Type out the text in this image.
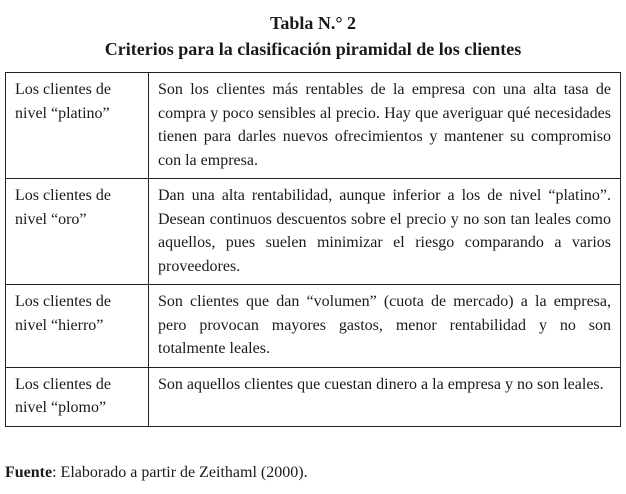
Tabla N.° 2
Criterios para la clasificación piramidal de los clientes
Los clientes de nivel “platino”	Son los clientes más rentables de la empresa con una alta tasa de compra y poco sensibles al precio. Hay que averiguar qué necesidades tienen para darles nuevos ofrecimientos y mantener su compromiso con la empresa.

Los clientes de nivel “oro”	Dan una alta rentabilidad, aunque inferior a los de nivel “platino”. Desean continuos descuentos sobre el precio y no son tan leales como aquellos, pues suelen minimizar el riesgo comparando a varios proveedores.

Los clientes de nivel “hierro”	Son clientes que dan “volumen” (cuota de mercado) a la empresa, pero provocan mayores gastos, menor rentabilidad y no son totalmente leales.

Los clientes de nivel “plomo”	Son aquellos clientes que cuestan dinero a la empresa y no son leales.
Fuente: Elaborado a partir de Zeithaml (2000).
